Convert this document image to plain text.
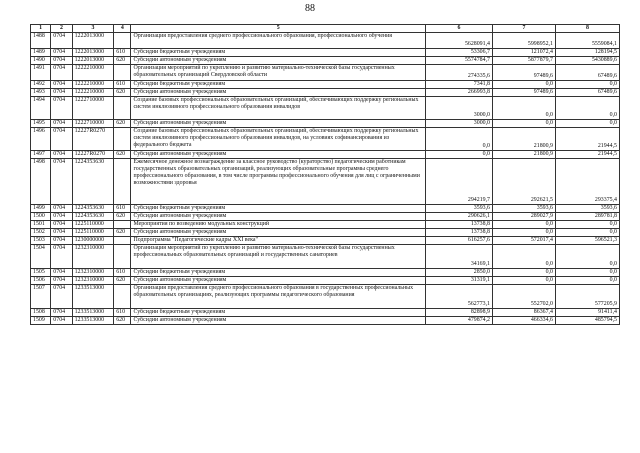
88
1	2	3	4	5	6	7	8
1488	0704	1222013000		Организация предоставления среднего профессионального образования, профессионального обучения	5628091,4	5998952,1	5559084,1
1489	0704	1222013000	610	Субсидии бюджетным учреждениям	53306,7	121072,4	128194,5
1490	0704	1222013000	620	Субсидии автономным учреждениям	5574784,7	5877879,7	5430889,6
1491	0704	1222210000		Организация мероприятий по укреплению и развитию материально-технической базы государственных образовательных организаций Свердловской области	274335,6	97489,6	67489,6
1492	0704	1222210000	610	Субсидии бюджетным учреждениям	7341,8	0,0	0,0
1493	0704	1222210000	620	Субсидии автономным учреждениям	266993,8	97489,6	67489,6
1494	0704	1222710000		Создание базовых профессиональных образовательных организаций, обеспечивающих поддержку региональных систем инклюзивного профессионального образования инвалидов	3000,0	0,0	0,0
1495	0704	1222710000	620	Субсидии автономным учреждениям	3000,0	0,0	0,0
1496	0704	12227R0270		Создание базовых профессиональных образовательных организаций, обеспечивающих поддержку региональных систем инклюзивного профессионального образования инвалидов, на условиях софинансирования из федерального бюджета	0,0	21800,9	21944,5
1497	0704	12227R0270	620	Субсидии автономным учреждениям	0,0	21800,9	21944,5
1498	0704	1224353630		Ежемесячное денежное вознаграждение за классное руководство (кураторство) педагогическим работникам государственных образовательных организаций, реализующих образовательные программы среднего профессионального образования, в том числе программы профессионального обучения для лиц с ограниченными возможностями здоровья	294219,7	292621,5	293375,4
1499	0704	1224353630	610	Субсидии бюджетным учреждениям	3593,6	3593,6	3593,6
1500	0704	1224353630	620	Субсидии автономным учреждениям	290626,1	289027,9	289781,8
1501	0704	1225110000		Мероприятия по возведению модульных конструкций	13738,8	0,0	0,0
1502	0704	1225110000	620	Субсидии автономным учреждениям	13738,8	0,0	0,0
1503	0704	1230000000		Подпрограмма "Педагогические кадры XXI века"	616257,6	572017,4	596521,3
1504	0704	1232310000		Организация мероприятий по укреплению и развитию материально-технической базы государственных профессиональных образовательных организаций и государственных санаториев	34169,1	0,0	0,0
1505	0704	1232310000	610	Субсидии бюджетным учреждениям	2850,0	0,0	0,0
1506	0704	1232310000	620	Субсидии автономным учреждениям	31319,1	0,0	0,0
1507	0704	1233513000		Организация предоставления среднего профессионального образования в государственных профессиональных образовательных организациях, реализующих программы педагогического образования	562773,1	552702,0	577205,9
1508	0704	1233513000	610	Субсидии бюджетным учреждениям	82898,9	86367,4	91411,4
1509	0704	1233513000	620	Субсидии автономным учреждениям	479874,2	466334,6	485794,5
